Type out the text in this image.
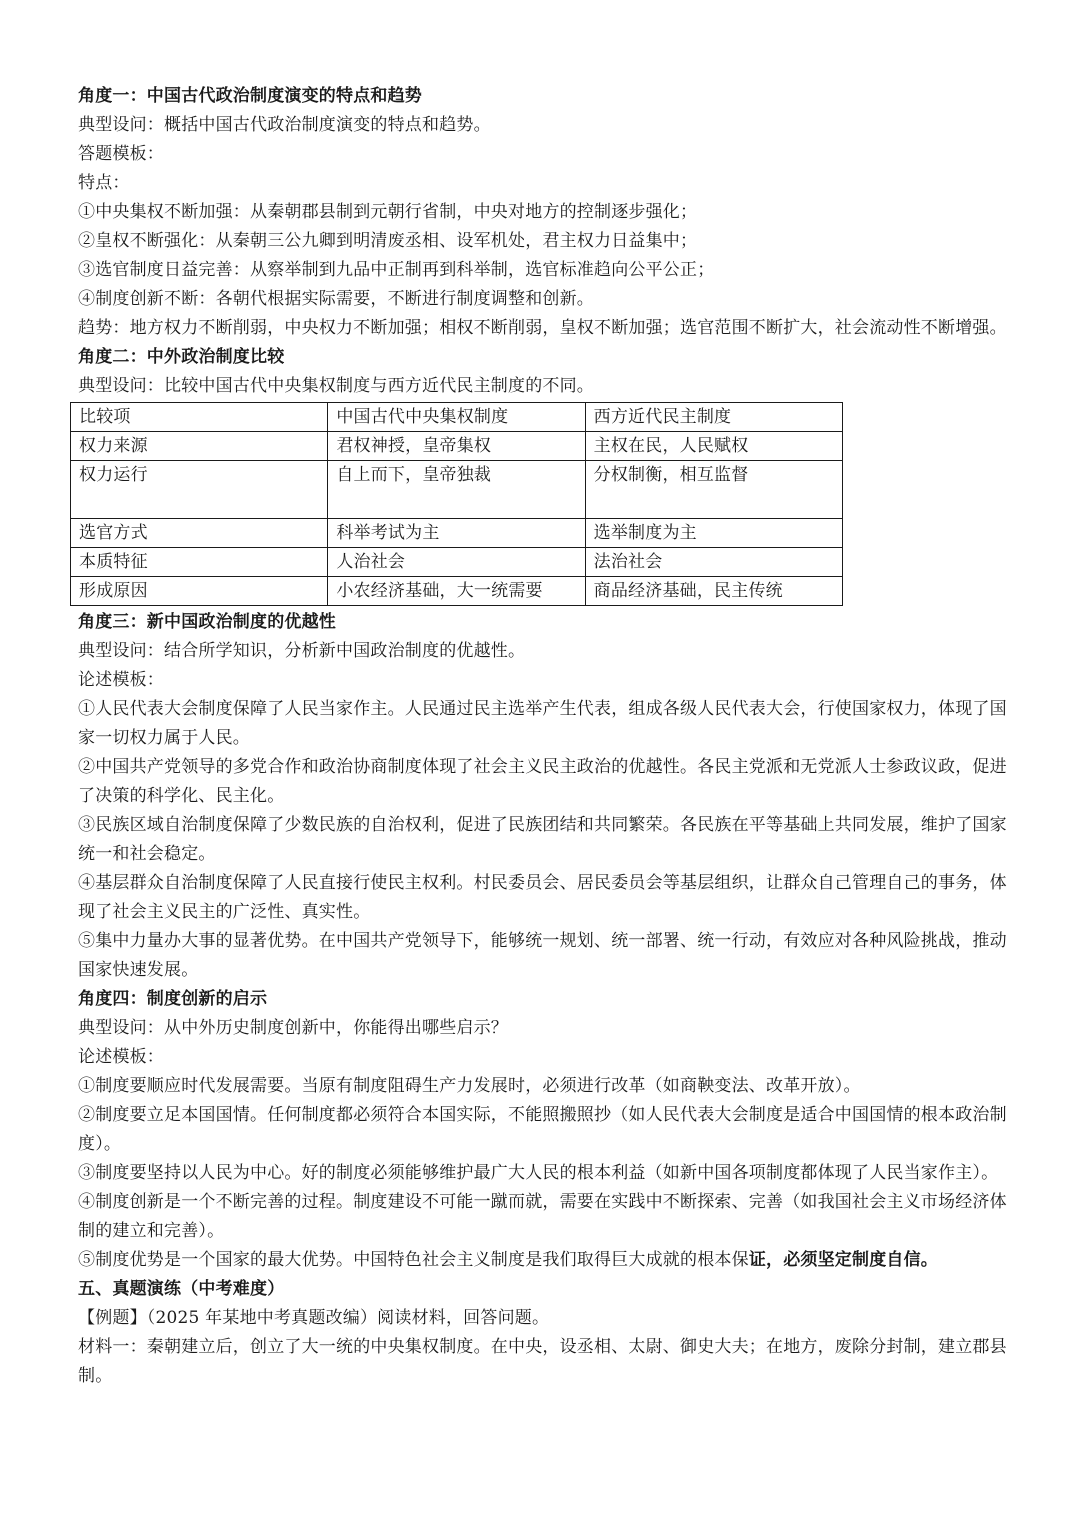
角度一：中国古代政治制度演变的特点和趋势
典型设问：概括中国古代政治制度演变的特点和趋势。
答题模板：
特点：
①中央集权不断加强：从秦朝郡县制到元朝行省制，中央对地方的控制逐步强化；
②皇权不断强化：从秦朝三公九卿到明清废丞相、设军机处，君主权力日益集中；
③选官制度日益完善：从察举制到九品中正制再到科举制，选官标准趋向公平公正；
④制度创新不断：各朝代根据实际需要，不断进行制度调整和创新。
趋势：地方权力不断削弱，中央权力不断加强；相权不断削弱，皇权不断加强；选官范围不断扩大，社会流动性不断增强。
角度二：中外政治制度比较
典型设问：比较中国古代中央集权制度与西方近代民主制度的不同。
比较项	中国古代中央集权制度	西方近代民主制度
权力来源	君权神授，皇帝集权	主权在民，人民赋权
权力运行	自上而下，皇帝独裁	分权制衡，相互监督
选官方式	科举考试为主	选举制度为主
本质特征	人治社会	法治社会
形成原因	小农经济基础，大一统需要	商品经济基础，民主传统
角度三：新中国政治制度的优越性
典型设问：结合所学知识，分析新中国政治制度的优越性。
论述模板：
①人民代表大会制度保障了人民当家作主。人民通过民主选举产生代表，组成各级人民代表大会，行使国家权力，体现了国家一切权力属于人民。
②中国共产党领导的多党合作和政治协商制度体现了社会主义民主政治的优越性。各民主党派和无党派人士参政议政，促进了决策的科学化、民主化。
③民族区域自治制度保障了少数民族的自治权利，促进了民族团结和共同繁荣。各民族在平等基础上共同发展，维护了国家统一和社会稳定。
④基层群众自治制度保障了人民直接行使民主权利。村民委员会、居民委员会等基层组织，让群众自己管理自己的事务，体现了社会主义民主的广泛性、真实性。
⑤集中力量办大事的显著优势。在中国共产党领导下，能够统一规划、统一部署、统一行动，有效应对各种风险挑战，推动国家快速发展。
角度四：制度创新的启示
典型设问：从中外历史制度创新中，你能得出哪些启示？
论述模板：
①制度要顺应时代发展需要。当原有制度阻碍生产力发展时，必须进行改革（如商鞅变法、改革开放）。
②制度要立足本国国情。任何制度都必须符合本国实际，不能照搬照抄（如人民代表大会制度是适合中国国情的根本政治制度）。
③制度要坚持以人民为中心。好的制度必须能够维护最广大人民的根本利益（如新中国各项制度都体现了人民当家作主）。
④制度创新是一个不断完善的过程。制度建设不可能一蹴而就，需要在实践中不断探索、完善（如我国社会主义市场经济体制的建立和完善）。
⑤制度优势是一个国家的最大优势。中国特色社会主义制度是我们取得巨大成就的根本保证，必须坚定制度自信。
五、真题演练（中考难度）
【例题】（2025 年某地中考真题改编）阅读材料，回答问题。
材料一：秦朝建立后，创立了大一统的中央集权制度。在中央，设丞相、太尉、御史大夫；在地方，废除分封制，建立郡县制。
